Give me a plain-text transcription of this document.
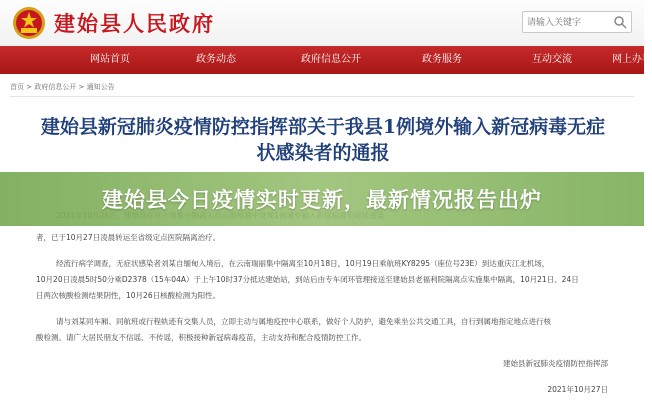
建始县人民政府
请输入关键字
网站首页	政务动态	政府信息公开	政务服务	互动交流	网上办事
首页 > 政府信息公开 > 通知公告
建始县新冠肺炎疫情防控指挥部关于我县1例境外输入新冠病毒无症
状感染者的通报
建始县今日疫情实时更新，最新情况报告出炉
者，已于10月27日凌晨转运至省级定点医院隔离治疗。
经流行病学调查，无症状感染者刘某自缅甸入境后，在云南瑞丽集中隔离至10月18日，10月19日乘航班KY8295（座位号23E）到达重庆江北机场，
10月20日凌晨5时50分乘D2378（15车04A）于上午10时37分抵达建始站，到站后由专车闭环管理接送至建始县老福利院隔离点实施集中隔离，10月21日、24日
日两次核酸检测结果阴性，10月26日核酸检测为阳性。
请与刘某同车厢、同航班或行程轨迹有交集人员，立即主动与属地疫控中心联系，做好个人防护，避免乘坐公共交通工具，自行到属地指定地点进行核
酸检测。请广大居民朋友不信谣、不传谣，积极接种新冠病毒疫苗，主动支持和配合疫情防控工作。
建始县新冠肺炎疫情防控指挥部
2021年10月27日
